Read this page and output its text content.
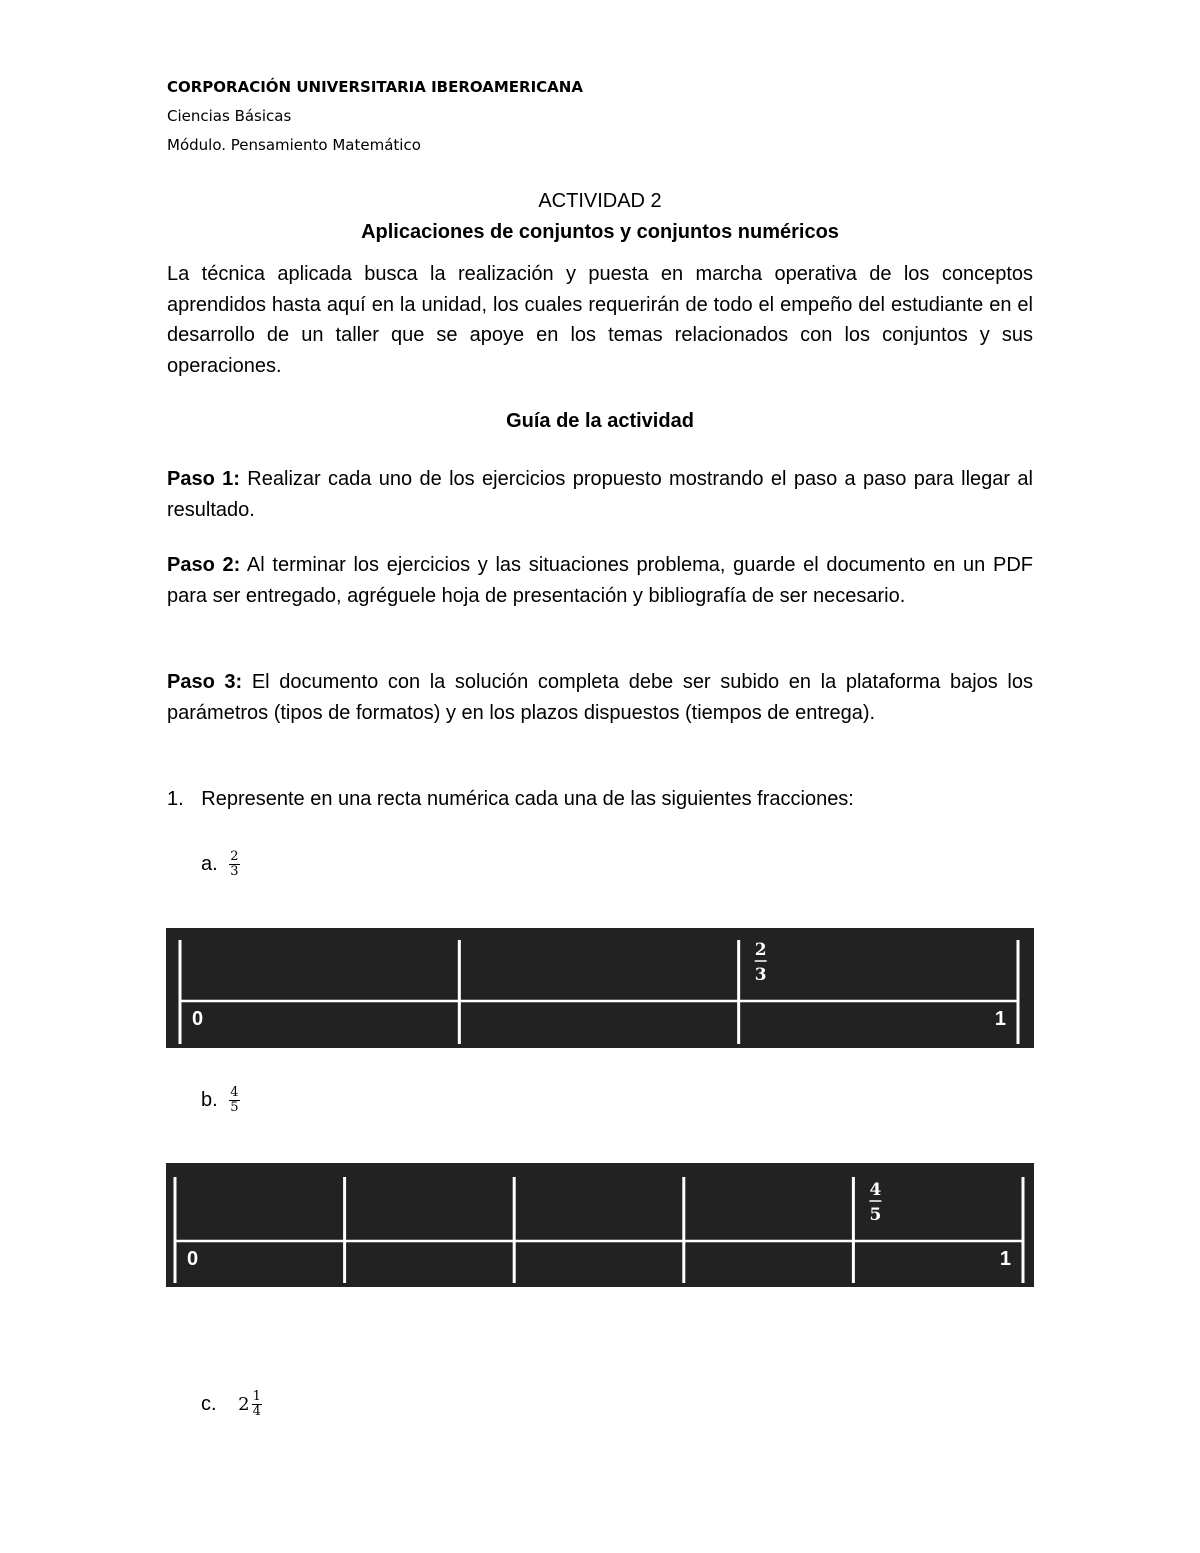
CORPORACIÓN UNIVERSITARIA IBEROAMERICANA
Ciencias Básicas
Módulo. Pensamiento Matemático
ACTIVIDAD 2
Aplicaciones de conjuntos y conjuntos numéricos
La técnica aplicada busca la realización y puesta en marcha operativa de los conceptos aprendidos hasta aquí en la unidad, los cuales requerirán de todo el empeño del estudiante en el desarrollo de un taller que se apoye en los temas relacionados con los conjuntos y sus operaciones.
Guía de la actividad
Paso 1: Realizar cada uno de los ejercicios propuesto mostrando el paso a paso para llegar al resultado.
Paso 2: Al terminar los ejercicios y las situaciones problema, guarde el documento en un PDF para ser entregado, agréguele hoja de presentación y bibliografía de ser necesario.
Paso 3: El documento con la solución completa debe ser subido en la plataforma bajos los parámetros (tipos de formatos) y en los plazos dispuestos (tiempos de entrega).
1. Represente en una recta numérica cada una de las siguientes fracciones:
a. $\frac{2}{3}$
0	1
2
3
b. $\frac{4}{5}$
0	1
4
5
c. $2 \frac{1}{4}$
